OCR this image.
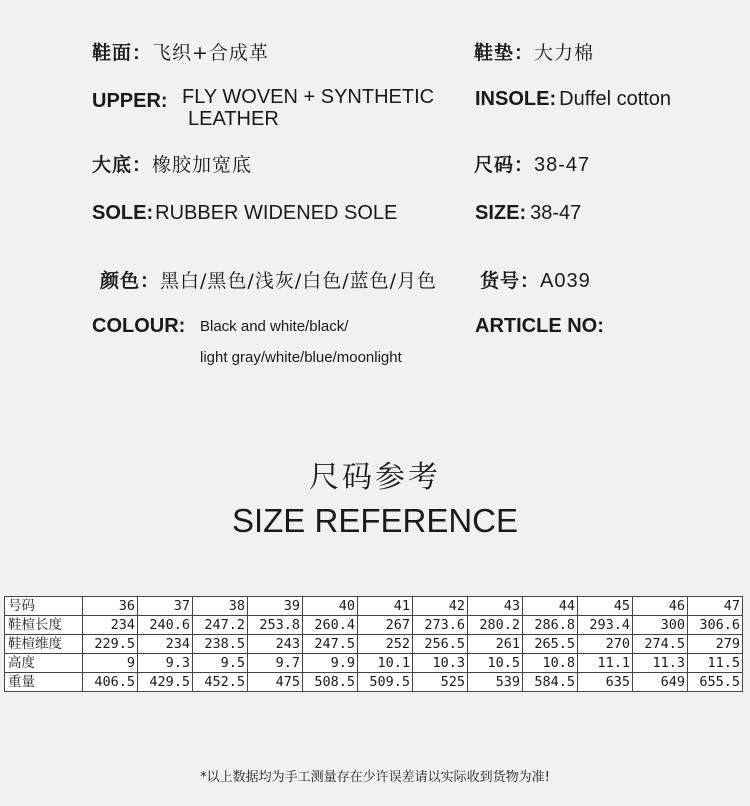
鞋面：飞织+合成革	鞋垫：大力棉
UPPER: FLY WOVEN + SYNTHETIC
LEATHER
INSOLE: Duffel cotton
大底：橡胶加宽底	尺码：38-47
SOLE: RUBBER WIDENED SOLE	SIZE: 38-47
颜色：黑白/黑色/浅灰/白色/蓝色/月色 货号：A039
COLOUR: Black and white/black/
light gray/white/blue/moonlight
ARTICLE NO:
尺码参考
SIZE REFERENCE
号码	36	37	38	39	40	41	42	43	44	45	46	47
鞋楦长度	234	240.6	247.2	253.8	260.4	267	273.6	280.2	286.8	293.4	300	306.6
鞋楦维度	229.5	234	238.5	243	247.5	252	256.5	261	265.5	270	274.5	279
高度	9	9.3	9.5	9.7	9.9	10.1	10.3	10.5	10.8	11.1	11.3	11.5
重量	406.5	429.5	452.5	475	508.5	509.5	525	539	584.5	635	649	655.5
*以上数据均为手工测量存在少许误差请以实际收到货物为准!
